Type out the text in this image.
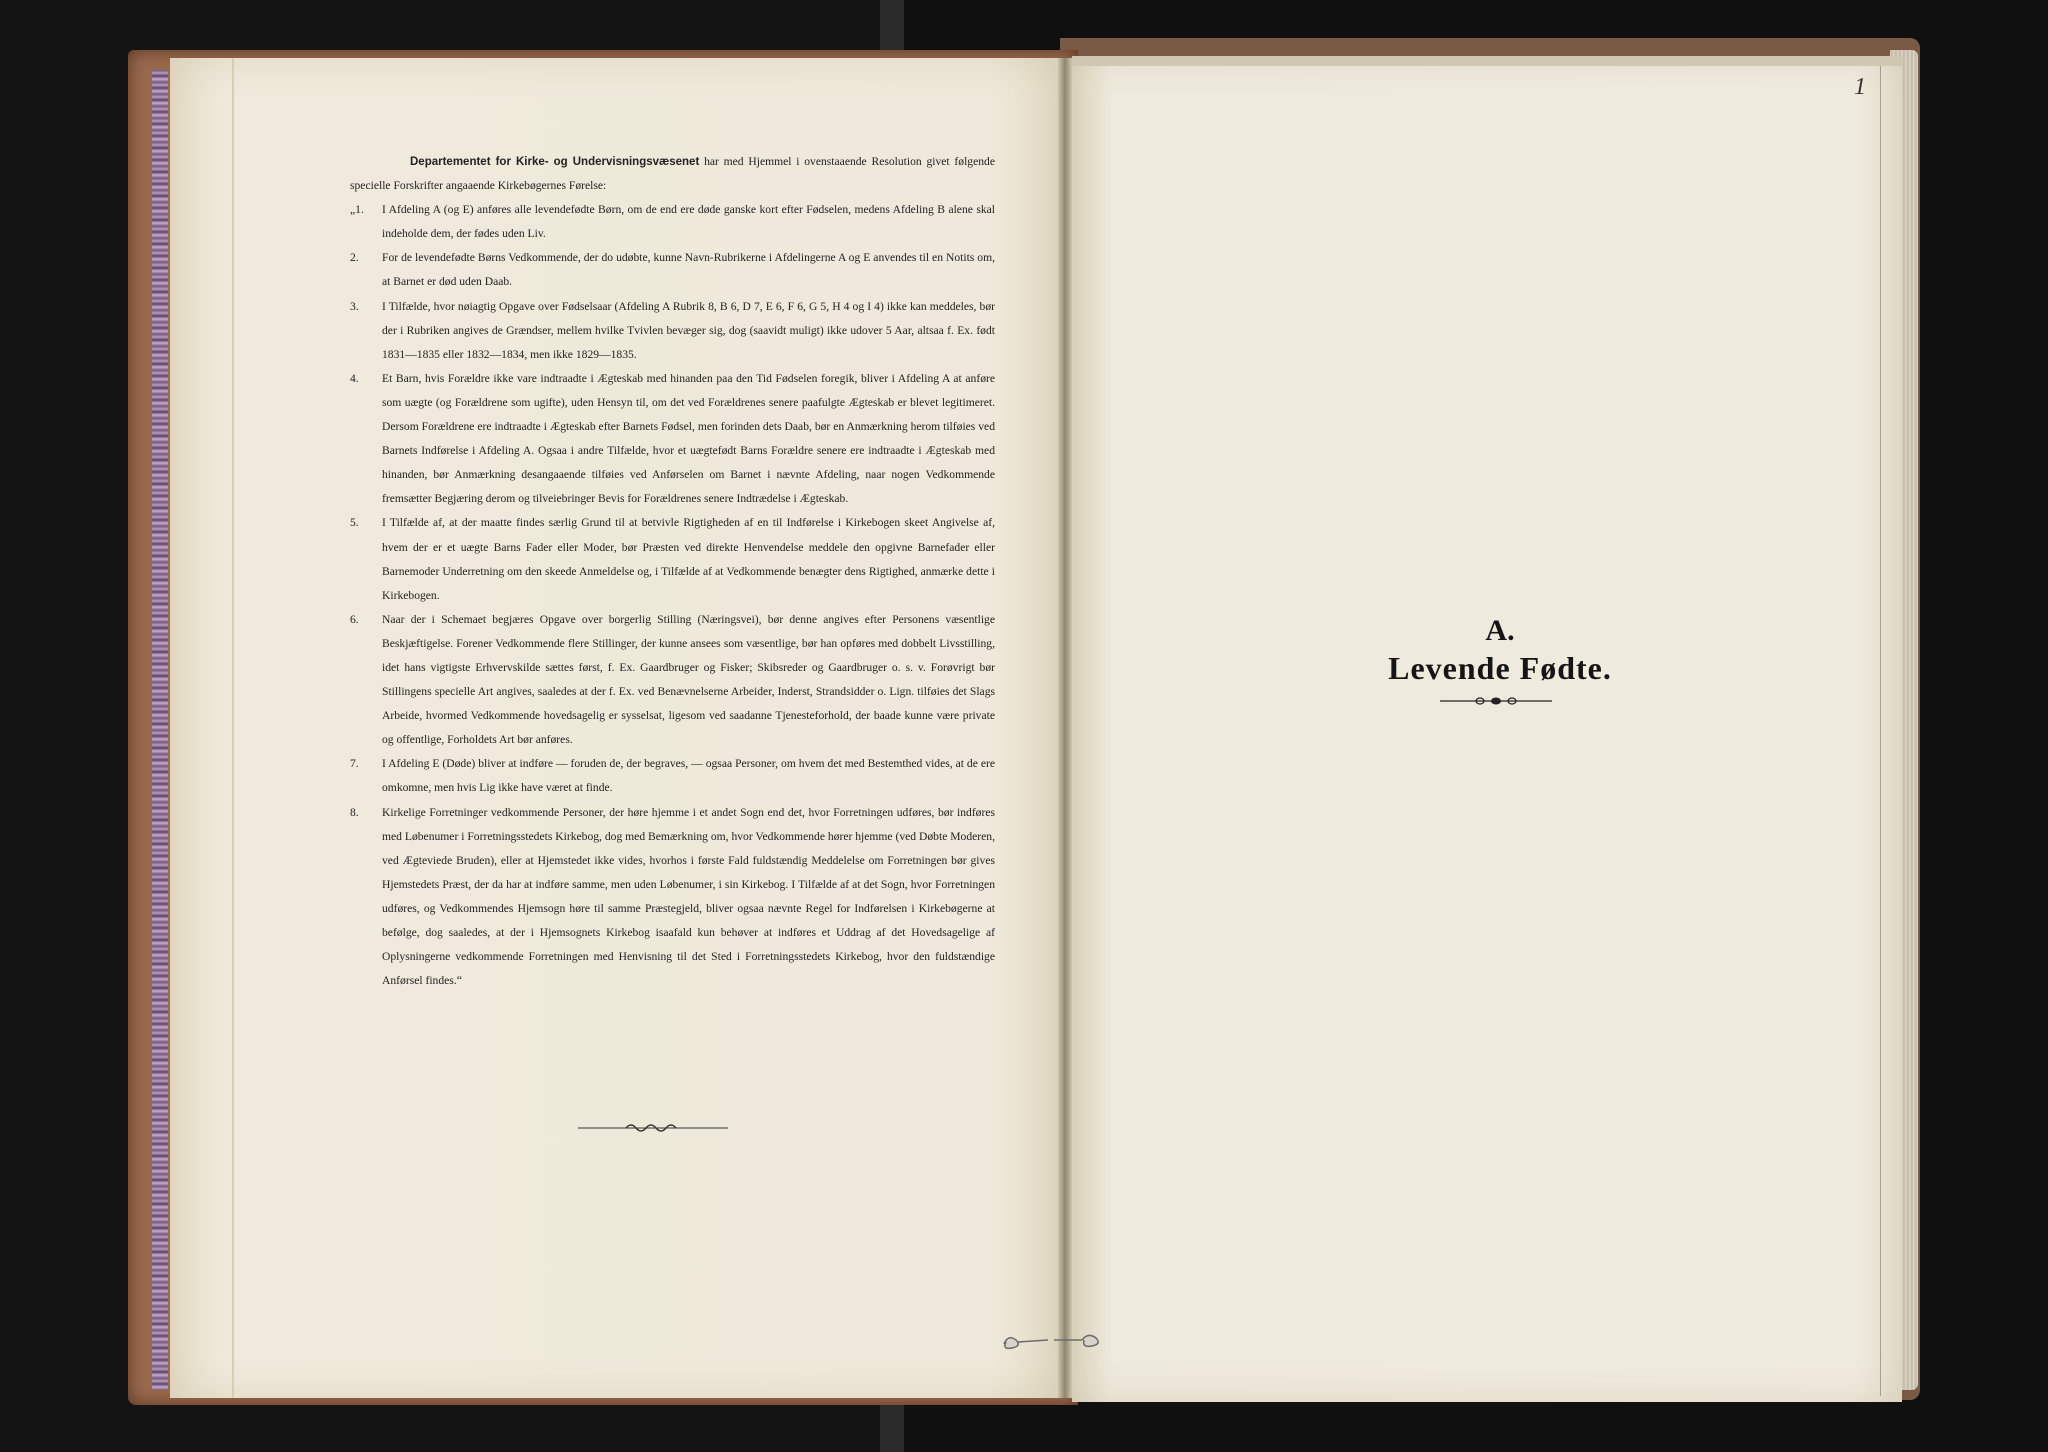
1

Departementet for Kirke- og Undervisningsvæsenet har med Hjemmel i ovenstaaende Resolution givet følgende specielle Forskrifter angaaende Kirkebøgernes Førelse:

„1.	I Afdeling A (og E) anføres alle levendefødte Børn, om de end ere døde ganske kort efter Fødselen, medens Afdeling B alene skal indeholde dem, der fødes uden Liv.
2.	For de levendefødte Børns Vedkommende, der do udøbte, kunne Navn-Rubrikerne i Afdelingerne A og E anvendes til en Notits om, at Barnet er død uden Daab.
3.	I Tilfælde, hvor nøiagtig Opgave over Fødselsaar (Afdeling A Rubrik 8, B 6, D 7, E 6, F 6, G 5, H 4 og I 4) ikke kan meddeles, bør der i Rubriken angives de Grændser, mellem hvilke Tvivlen bevæger sig, dog (saavidt muligt) ikke udover 5 Aar, altsaa f. Ex. født 1831—1835 eller 1832—1834, men ikke 1829—1835.
4.	Et Barn, hvis Forældre ikke vare indtraadte i Ægteskab med hinanden paa den Tid Fødselen foregik, bliver i Afdeling A at anføre som uægte (og Forældrene som ugifte), uden Hensyn til, om det ved Forældrenes senere paafulgte Ægteskab er blevet legitimeret. Dersom Forældrene ere indtraadte i Ægteskab efter Barnets Fødsel, men forinden dets Daab, bør en Anmærkning herom tilføies ved Barnets Indførelse i Afdeling A. Ogsaa i andre Tilfælde, hvor et uægtefødt Barns Forældre senere ere indtraadte i Ægteskab med hinanden, bør Anmærkning desangaaende tilføies ved Anførselen om Barnet i nævnte Afdeling, naar nogen Vedkommende fremsætter Begjæring derom og tilveiebringer Bevis for Forældrenes senere Indtrædelse i Ægteskab.
5.	I Tilfælde af, at der maatte findes særlig Grund til at betvivle Rigtigheden af en til Indførelse i Kirkebogen skeet Angivelse af, hvem der er et uægte Barns Fader eller Moder, bør Præsten ved direkte Henvendelse meddele den opgivne Barnefader eller Barnemoder Underretning om den skeede Anmeldelse og, i Tilfælde af at Vedkommende benægter dens Rigtighed, anmærke dette i Kirkebogen.
6.	Naar der i Schemaet begjæres Opgave over borgerlig Stilling (Næringsvei), bør denne angives efter Personens væsentlige Beskjæftigelse. Forener Vedkommende flere Stillinger, der kunne ansees som væsentlige, bør han opføres med dobbelt Livsstilling, idet hans vigtigste Erhvervskilde sættes først, f. Ex. Gaardbruger og Fisker; Skibsreder og Gaardbruger o. s. v. Forøvrigt bør Stillingens specielle Art angives, saaledes at der f. Ex. ved Benævnelserne Arbeider, Inderst, Strandsidder o. Lign. tilføies det Slags Arbeide, hvormed Vedkommende hovedsagelig er sysselsat, ligesom ved saadanne Tjenesteforhold, der baade kunne være private og offentlige, Forholdets Art bør anføres.
7.	I Afdeling E (Døde) bliver at indføre — foruden de, der begraves, — ogsaa Personer, om hvem det med Bestemthed vides, at de ere omkomne, men hvis Lig ikke have været at finde.
8.	Kirkelige Forretninger vedkommende Personer, der høre hjemme i et andet Sogn end det, hvor Forretningen udføres, bør indføres med Løbenumer i Forretningsstedets Kirkebog, dog med Bemærkning om, hvor Vedkommende hører hjemme (ved Døbte Moderen, ved Ægteviede Bruden), eller at Hjemstedet ikke vides, hvorhos i første Fald fuldstændig Meddelelse om Forretningen bør gives Hjemstedets Præst, der da har at indføre samme, men uden Løbenumer, i sin Kirkebog. I Tilfælde af at det Sogn, hvor Forretningen udføres, og Vedkommendes Hjemsogn høre til samme Præstegjeld, bliver ogsaa nævnte Regel for Indførelsen i Kirkebøgerne at befølge, dog saaledes, at der i Hjemsognets Kirkebog isaafald kun behøver at indføres et Uddrag af det Hovedsagelige af Oplysningerne vedkommende Forretningen med Henvisning til det Sted i Forretningsstedets Kirkebog, hvor den fuldstændige Anførsel findes.“
A.
Levende Fødte.
